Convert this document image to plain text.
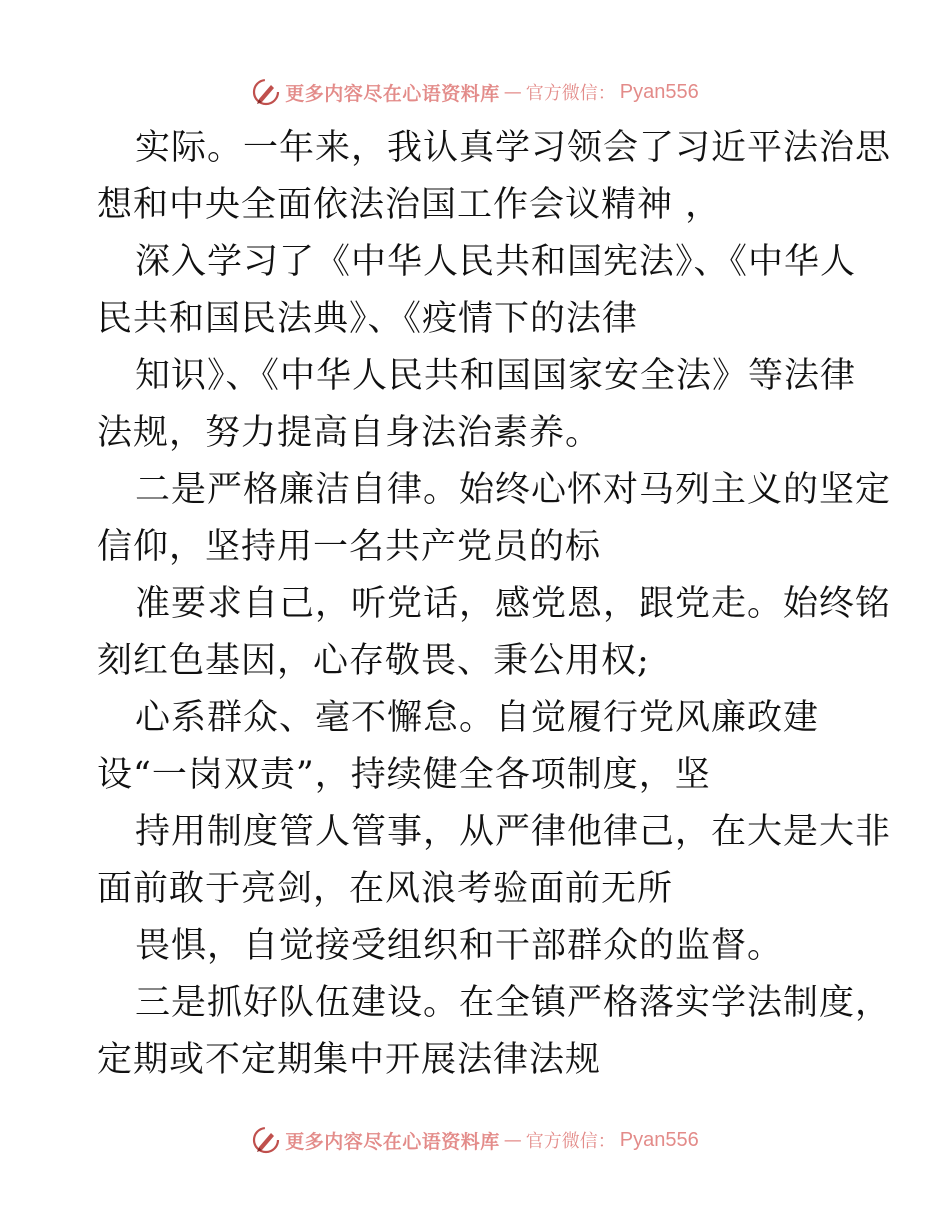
更多内容尽在心语资料库 — 官方微信： Pyan556
实际。一年来，我认真学习领会了习近平法治思
想和中央全面依法治国工作会议精神 ，
深入学习了《中华人民共和国宪法》、《中华人
民共和国民法典》、《疫情下的法律
知识》、《中华人民共和国国家安全法》等法律
法规，努力提高自身法治素养。
二是严格廉洁自律。始终心怀对马列主义的坚定
信仰，坚持用一名共产党员的标
准要求自己，听党话，感党恩，跟党走。始终铭
刻红色基因，心存敬畏、秉公用权;
心系群众、毫不懈怠。自觉履行党风廉政建
设“一岗双责”，持续健全各项制度，坚
持用制度管人管事，从严律他律己，在大是大非
面前敢于亮剑，在风浪考验面前无所
畏惧，自觉接受组织和干部群众的监督。
三是抓好队伍建设。在全镇严格落实学法制度，
定期或不定期集中开展法律法规
更多内容尽在心语资料库 — 官方微信： Pyan556
